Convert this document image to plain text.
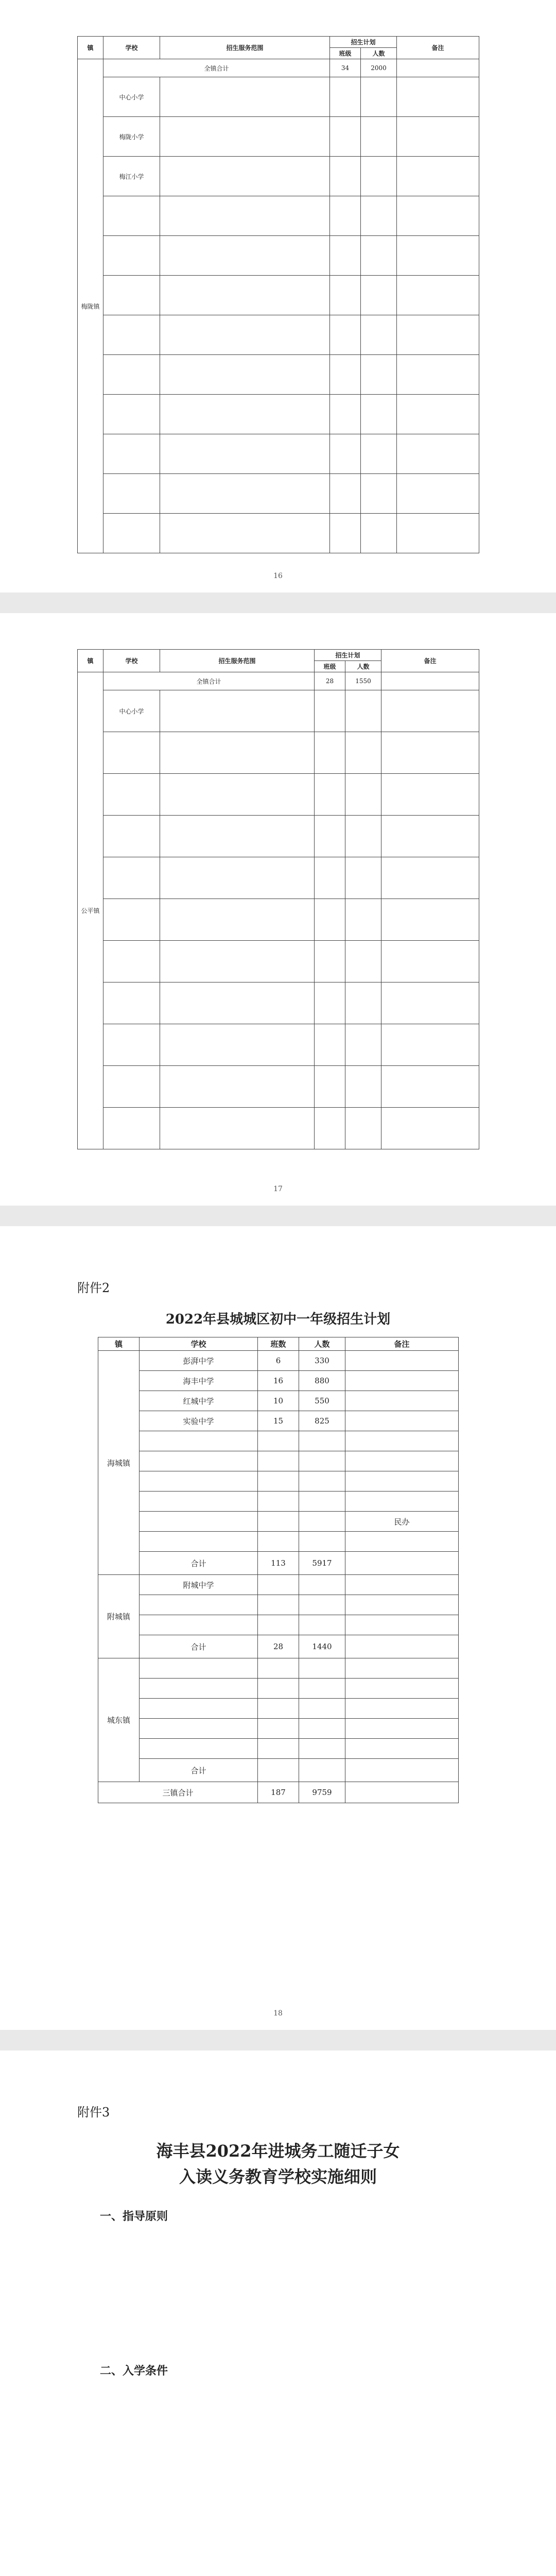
镇	学校	招生服务范围	招生计划		备注
			班级	人数	
梅陇镇	全镇合计		34	2000	
	中心小学				
	梅陇小学				
	梅江小学				

16
镇	学校	招生服务范围	招生计划		备注
			班级	人数	
公平镇	全镇合计		28	1550	
	中心小学				

17
附件2
2022年县城城区初中一年级招生计划
镇	学校	班数	人数	备注
海城镇	彭湃中学	6	330	
	海丰中学	16	880	
	红城中学	10	550	
	实验中学	15	825	

				民办

	合计	113	5917	
附城镇	附城中学			

	合计	28	1440	
城东镇				

	合计			
三镇合计		187	9759	
18
附件3
海丰县2022年进城务工随迁子女
入读义务教育学校实施细则
一、指导原则
二、入学条件
